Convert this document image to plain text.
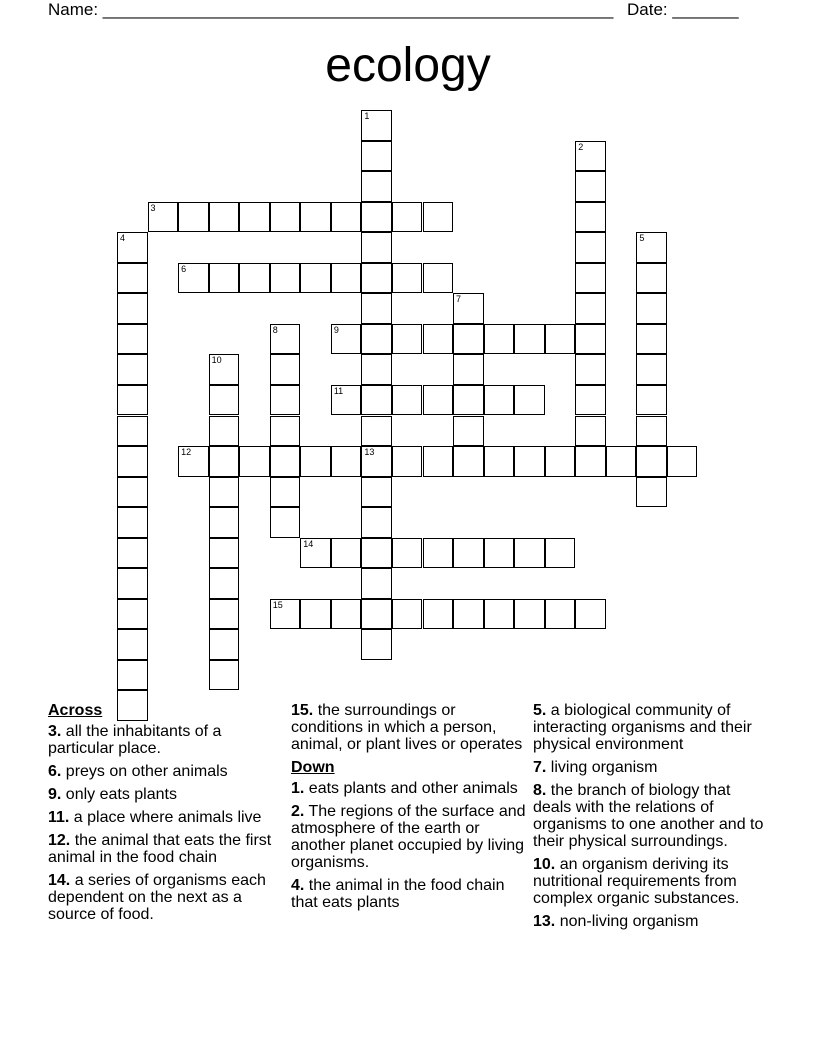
Name: ______________________________________________________ Date: _______
ecology
1
13
2
3
4	5
6
7
8	9
10
11
12
14
15
Across
3. all the inhabitants of a particular place.
6. preys on other animals
9. only eats plants
11. a place where animals live
12. the animal that eats the first animal in the food chain
14. a series of organisms each dependent on the next as a source of food.
15. the surroundings or conditions in which a person, animal, or plant lives or operates
Down
1. eats plants and other animals
2. The regions of the surface and atmosphere of the earth or another planet occupied by living organisms.
4. the animal in the food chain that eats plants
5. a biological community of interacting organisms and their physical environment
7. living organism
8. the branch of biology that deals with the relations of organisms to one another and to their physical surroundings.
10. an organism deriving its nutritional requirements from complex organic substances.
13. non-living organism
